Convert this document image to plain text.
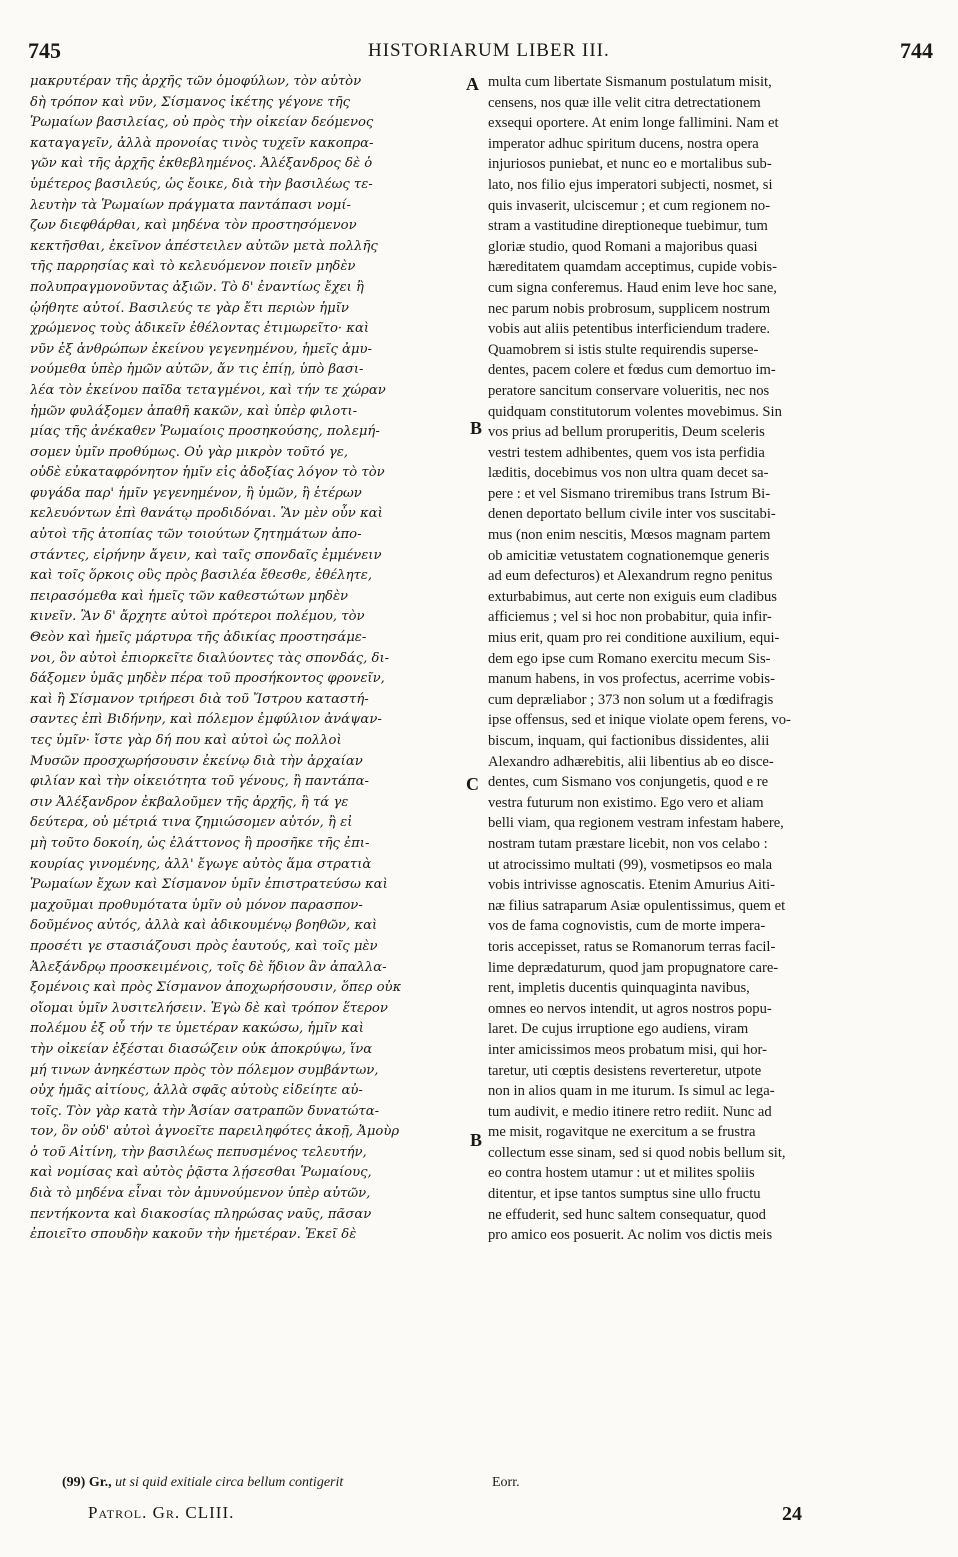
745	HISTORIARUM LIBER III.	744
μακρυτέραν τῆς ἀρχῆς τῶν ὁμοφύλων, τὸν αὐτὸν
δὴ τρόπον καὶ νῦν, Σίσμανος ἱκέτης γέγονε τῆς
Ῥωμαίων βασιλείας, οὐ πρὸς τὴν οἰκείαν δεόμενος
καταγαγεῖν, ἀλλὰ προνοίας τινὸς τυχεῖν κακοπρα-
γῶν καὶ τῆς ἀρχῆς ἐκθεβλημένος. Ἀλέξανδρος δὲ ὁ
ὑμέτερος βασιλεύς, ὡς ἔοικε, διὰ τὴν βασιλέως τε-
λευτὴν τὰ Ῥωμαίων πράγματα παντάπασι νομί-
ζων διεφθάρθαι, καὶ μηδένα τὸν προστησόμενον
κεκτῆσθαι, ἐκεῖνον ἀπέστειλεν αὐτῶν μετὰ πολλῆς
τῆς παρρησίας καὶ τὸ κελευόμενον ποιεῖν μηδὲν
πολυπραγμονοῦντας ἀξιῶν. Τὸ δ' ἐναντίως ἔχει ἢ
ᾠήθητε αὐτοί. Βασιλεύς τε γὰρ ἔτι περιὼν ἡμῖν
χρώμενος τοὺς ἀδικεῖν ἐθέλοντας ἐτιμωρεῖτο· καὶ
νῦν ἐξ ἀνθρώπων ἐκείνου γεγενημένου, ἡμεῖς ἀμυ-
νούμεθα ὑπὲρ ἡμῶν αὐτῶν, ἄν τις ἐπίῃ, ὑπὸ βασι-
λέα τὸν ἐκείνου παῖδα τεταγμένοι, καὶ τήν τε χώραν
ἡμῶν φυλάξομεν ἀπαθῆ κακῶν, καὶ ὑπὲρ φιλοτι-
μίας τῆς ἀνέκαθεν Ῥωμαίοις προσηκούσης, πολεμή-
σομεν ὑμῖν προθύμως. Οὐ γὰρ μικρὸν τοῦτό γε,
οὐδὲ εὐκαταφρόνητον ἡμῖν εἰς ἀδοξίας λόγον τὸ τὸν
φυγάδα παρ' ἡμῖν γεγενημένον, ἢ ὑμῶν, ἢ ἑτέρων
κελευόντων ἐπὶ θανάτῳ προδιδόναι. Ἂν μὲν οὖν καὶ
αὐτοὶ τῆς ἀτοπίας τῶν τοιούτων ζητημάτων ἀπο-
στάντες, εἰρήνην ἄγειν, καὶ ταῖς σπονδαῖς ἐμμένειν
καὶ τοῖς ὅρκοις οὓς πρὸς βασιλέα ἔθεσθε, ἐθέλητε,
πειρασόμεθα καὶ ἡμεῖς τῶν καθεστώτων μηδὲν
κινεῖν. Ἂν δ' ἄρχητε αὐτοὶ πρότεροι πολέμου, τὸν
Θεὸν καὶ ἡμεῖς μάρτυρα τῆς ἀδικίας προστησάμε-
νοι, ὃν αὐτοὶ ἐπιορκεῖτε διαλύοντες τὰς σπονδάς, δι-
δάξομεν ὑμᾶς μηδὲν πέρα τοῦ προσήκοντος φρονεῖν,
καὶ ἢ Σίσμανον τριήρεσι διὰ τοῦ Ἴστρου καταστή-
σαντες ἐπὶ Βιδήνην, καὶ πόλεμον ἐμφύλιον ἀνάψαν-
τες ὑμῖν· ἴστε γὰρ δή που καὶ αὐτοὶ ὡς πολλοὶ
Μυσῶν προσχωρήσουσιν ἐκείνῳ διὰ τὴν ἀρχαίαν
φιλίαν καὶ τὴν οἰκειότητα τοῦ γένους, ἢ παντάπα-
σιν Ἀλέξανδρον ἐκβαλοῦμεν τῆς ἀρχῆς, ἢ τά γε
δεύτερα, οὐ μέτριά τινα ζημιώσομεν αὐτόν, ἢ εἰ
μὴ τοῦτο δοκοίη, ὡς ἐλάττονος ἢ προσῆκε τῆς ἐπι-
κουρίας γινομένης, ἀλλ' ἔγωγε αὐτὸς ἅμα στρατιὰ
Ῥωμαίων ἔχων καὶ Σίσμανον ὑμῖν ἐπιστρατεύσω καὶ
μαχοῦμαι προθυμότατα ὑμῖν οὐ μόνον παρασπον-
δοῦμένος αὐτός, ἀλλὰ καὶ ἀδικουμένῳ βοηθῶν, καὶ
προσέτι γε στασιάζουσι πρὸς ἑαυτούς, καὶ τοῖς μὲν
Ἀλεξάνδρῳ προσκειμένοις, τοῖς δὲ ἥδιον ἂν ἀπαλλα-
ξομένοις καὶ πρὸς Σίσμανον ἀποχωρήσουσιν, ὅπερ οὐκ
οἴομαι ὑμῖν λυσιτελήσειν. Ἐγὼ δὲ καὶ τρόπον ἕτερον
πολέμου ἐξ οὗ τήν τε ὑμετέραν κακώσω, ἡμῖν καὶ
τὴν οἰκείαν ἐξέσται διασώζειν οὐκ ἀποκρύψω, ἵνα
μή τινων ἀνηκέστων πρὸς τὸν πόλεμον συμβάντων,
οὐχ ἡμᾶς αἰτίους, ἀλλὰ σφᾶς αὐτοὺς εἰδείητε αὐ-
τοῖς. Τὸν γὰρ κατὰ τὴν Ἀσίαν σατραπῶν δυνατώτα-
τον, ὃν οὐδ' αὐτοὶ ἀγνοεῖτε παρειληφότες ἀκοῇ, Ἀμοὺρ
ὁ τοῦ Αἰτίνη, τὴν βασιλέως πεπυσμένος τελευτήν,
καὶ νομίσας καὶ αὐτὸς ῥᾷστα λῄσεσθαι Ῥωμαίους,
διὰ τὸ μηδένα εἶναι τὸν ἀμυνούμενον ὑπὲρ αὐτῶν,
πεντήκοντα καὶ διακοσίας πληρώσας ναῦς, πᾶσαν
ἐποιεῖτο σπουδὴν κακοῦν τὴν ἡμετέραν. Ἐκεῖ δὲ
multa cum libertate Sismanum postulatum misit,
censens, nos quæ ille velit citra detrectationem
exsequi oportere. At enim longe fallimini. Nam et
imperator adhuc spiritum ducens, nostra opera
injuriosos puniebat, et nunc eo e mortalibus sub-
lato, nos filio ejus imperatori subjecti, nosmet, si
quis invaserit, ulciscemur ; et cum regionem no-
stram a vastitudine direptioneque tuebimur, tum
gloriæ studio, quod Romani a majoribus quasi
hæreditatem quamdam acceptimus, cupide vobis-
cum signa conferemus. Haud enim leve hoc sane,
nec parum nobis probrosum, supplicem nostrum
vobis aut aliis petentibus interficiendum tradere.
Quamobrem si istis stulte requirendis superse-
dentes, pacem colere et fœdus cum demortuo im-
peratore sancitum conservare volueritis, nec nos
quidquam constitutorum volentes movebimus. Sin
vos prius ad bellum proruperitis, Deum sceleris
vestri testem adhibentes, quem vos ista perfidia
læditis, docebimus vos non ultra quam decet sa-
pere : et vel Sismano triremibus trans Istrum Bi-
denen deportato bellum civile inter vos suscitabi-
mus (non enim nescitis, Mœsos magnam partem
ob amicitiæ vetustatem cognationemque generis
ad eum defecturos) et Alexandrum regno penitus
exturbabimus, aut certe non exiguis eum cladibus
afficiemus ; vel si hoc non probabitur, quia infir-
mius erit, quam pro rei conditione auxilium, equi-
dem ego ipse cum Romano exercitu mecum Sis-
manum habens, in vos profectus, acerrime vobis-
cum depræliabor ; 373 non solum ut a fœdifragis
ipse offensus, sed et inique violate opem ferens, vo-
biscum, inquam, qui factionibus dissidentes, alii
Alexandro adhærebitis, alii libentius ab eo disce-
dentes, cum Sismano vos conjungetis, quod e re
vestra futurum non existimo. Ego vero et aliam
belli viam, qua regionem vestram infestam habere,
nostram tutam præstare licebit, non vos celabo :
ut atrocissimo multati (99), vosmetipsos eo mala
vobis intrivisse agnoscatis. Etenim Amurius Aiti-
næ filius satraparum Asiæ opulentissimus, quem et
vos de fama cognovistis, cum de morte impera-
toris accepisset, ratus se Romanorum terras facil-
lime deprædaturum, quod jam propugnatore care-
rent, impletis ducentis quinquaginta navibus,
omnes eo nervos intendit, ut agros nostros popu-
laret. De cujus irruptione ego audiens, viram
inter amicissimos meos probatum misi, qui hor-
taretur, uti cœptis desistens reverteretur, utpote
non in alios quam in me iturum. Is simul ac lega-
tum audivit, e medio itinere retro rediit. Nunc ad
me misit, rogavitque ne exercitum a se frustra
collectum esse sinam, sed si quod nobis bellum sit,
eo contra hostem utamur : ut et milites spoliis
ditentur, et ipse tantos sumptus sine ullo fructu
ne effuderit, sed hunc saltem consequatur, quod
pro amico eos posuerit. Ac nolim vos dictis meis
A
B
C
B
(99) Gr., ut si quid exitiale circa bellum contigerit	Eorr.
Patrol. Gr. CLIII.	24
